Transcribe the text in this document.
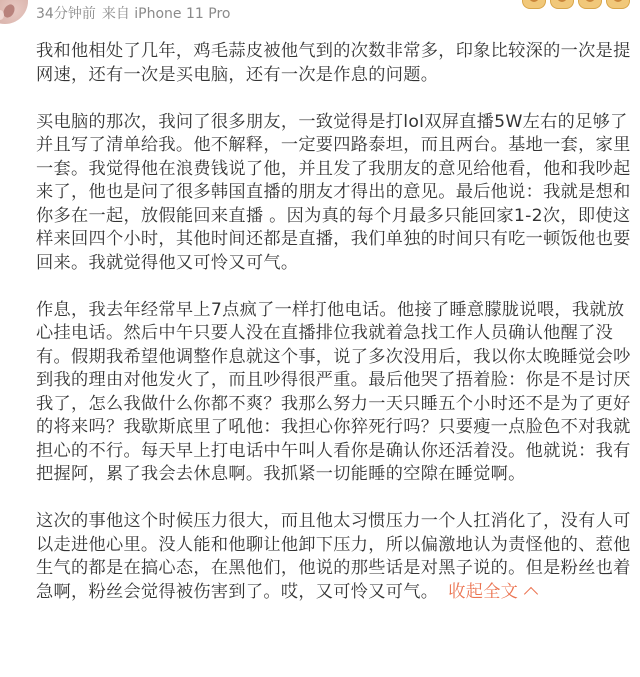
34分钟前 来自 iPhone 11 Pro

我和他相处了几年，鸡毛蒜皮被他气到的次数非常多，印象比较深的一次是提网速，还有一次是买电脑，还有一次是作息的问题。

买电脑的那次，我问了很多朋友，一致觉得是打lol双屏直播5W左右的足够了并且写了清单给我。他不解释，一定要四路泰坦，而且两台。基地一套，家里一套。我觉得他在浪费钱说了他，并且发了我朋友的意见给他看，他和我吵起来了，他也是问了很多韩国直播的朋友才得出的意见。最后他说：我就是想和你多在一起，放假能回来直播 。因为真的每个月最多只能回家1-2次，即使这样来回四个小时，其他时间还都是直播，我们单独的时间只有吃一顿饭他也要回来。我就觉得他又可怜又可气。

作息，我去年经常早上7点疯了一样打他电话。他接了睡意朦胧说喂，我就放心挂电话。然后中午只要人没在直播排位我就着急找工作人员确认他醒了没有。假期我希望他调整作息就这个事，说了多次没用后，我以你太晚睡觉会吵到我的理由对他发火了，而且吵得很严重。最后他哭了捂着脸：你是不是讨厌我了，怎么我做什么你都不爽？我那么努力一天只睡五个小时还不是为了更好的将来吗？我歇斯底里了吼他：我担心你猝死行吗？只要瘦一点脸色不对我就担心的不行。每天早上打电话中午叫人看你是确认你还活着没。他就说：我有把握阿，累了我会去休息啊。我抓紧一切能睡的空隙在睡觉啊。

这次的事他这个时候压力很大，而且他太习惯压力一个人扛消化了，没有人可以走进他心里。没人能和他聊让他卸下压力，所以偏激地认为责怪他的、惹他生气的都是在搞心态，在黑他们，他说的那些话是对黑子说的。但是粉丝也着急啊，粉丝会觉得被伤害到了。哎，又可怜又可气。 收起全文
